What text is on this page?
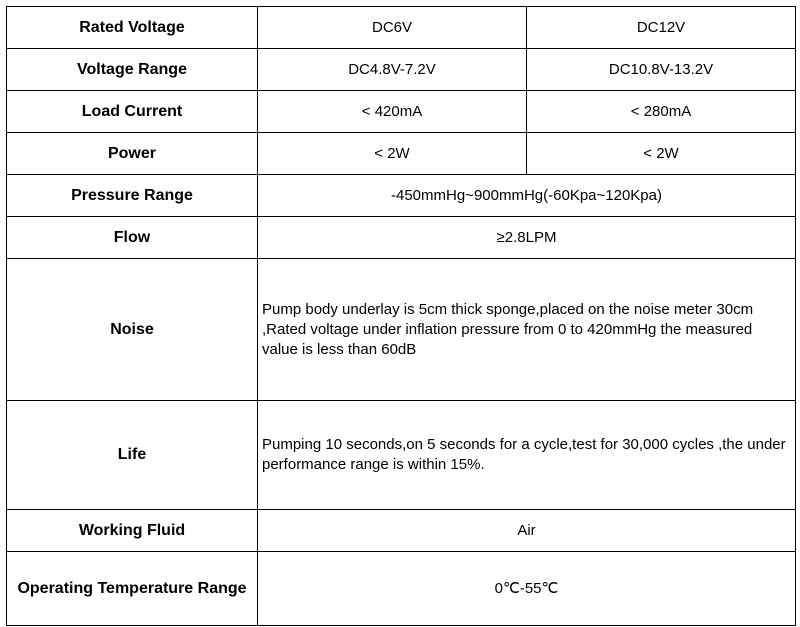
Rated Voltage	DC6V	DC12V
Voltage Range	DC4.8V-7.2V	DC10.8V-13.2V
Load Current	< 420mA	< 280mA
Power	< 2W	< 2W
Pressure Range	-450mmHg~900mmHg(-60Kpa~120Kpa)	
Flow	≥2.8LPM	
Noise	Pump body underlay is 5cm thick sponge,placed on the noise meter 30cm ,Rated voltage under inflation pressure from 0 to 420mmHg the measured value is less than 60dB	
Life	Pumping 10 seconds,on 5 seconds for a cycle,test for 30,000 cycles ,the under performance range is within 15%.	
Working Fluid	Air	
Operating Temperature Range	0℃-55℃	
